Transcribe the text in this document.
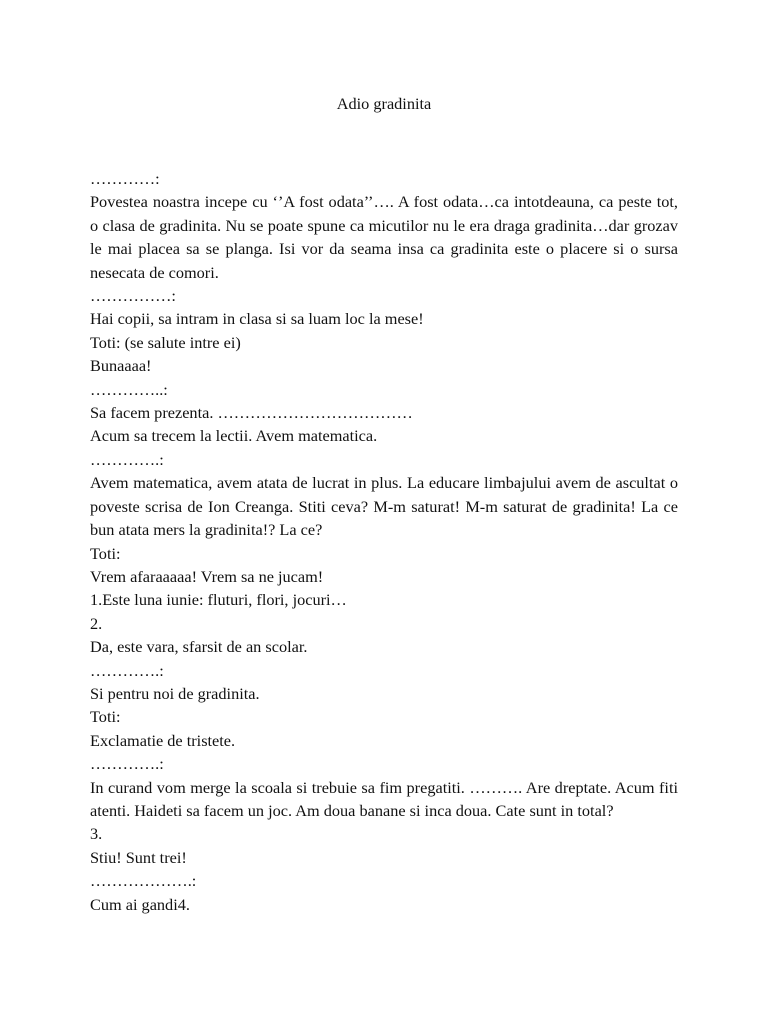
Adio gradinita
…………:
Povestea noastra incepe cu ‘’A fost odata’’…. A fost odata…ca intotdeauna, ca peste tot, o clasa de gradinita. Nu se poate spune ca micutilor nu le era draga gradinita…dar grozav le mai placea sa se planga. Isi vor da seama insa ca gradinita este o placere si o sursa nesecata de comori.
……………:
Hai copii, sa intram in clasa si sa luam loc la mese!
Toti: (se salute intre ei)
Bunaaaa!
…………..:
Sa facem prezenta. ………………………………
Acum sa trecem la lectii. Avem matematica.
………….:
Avem matematica, avem atata de lucrat in plus. La educare limbajului avem de ascultat o poveste scrisa de Ion Creanga. Stiti ceva? M-m saturat! M-m saturat de gradinita! La ce bun atata mers la gradinita!? La ce?
Toti:
Vrem afaraaaaa! Vrem sa ne jucam!
1.Este luna iunie: fluturi, flori, jocuri…
2.
Da, este vara, sfarsit de an scolar.
………….:
Si pentru noi de gradinita.
Toti:
Exclamatie de tristete.
………….:
In curand vom merge la scoala si trebuie sa fim pregatiti. ………. Are dreptate. Acum fiti atenti. Haideti sa facem un joc. Am doua banane si inca doua. Cate sunt in total?
3.
Stiu! Sunt trei!
……………….:
Cum ai gandi4.
